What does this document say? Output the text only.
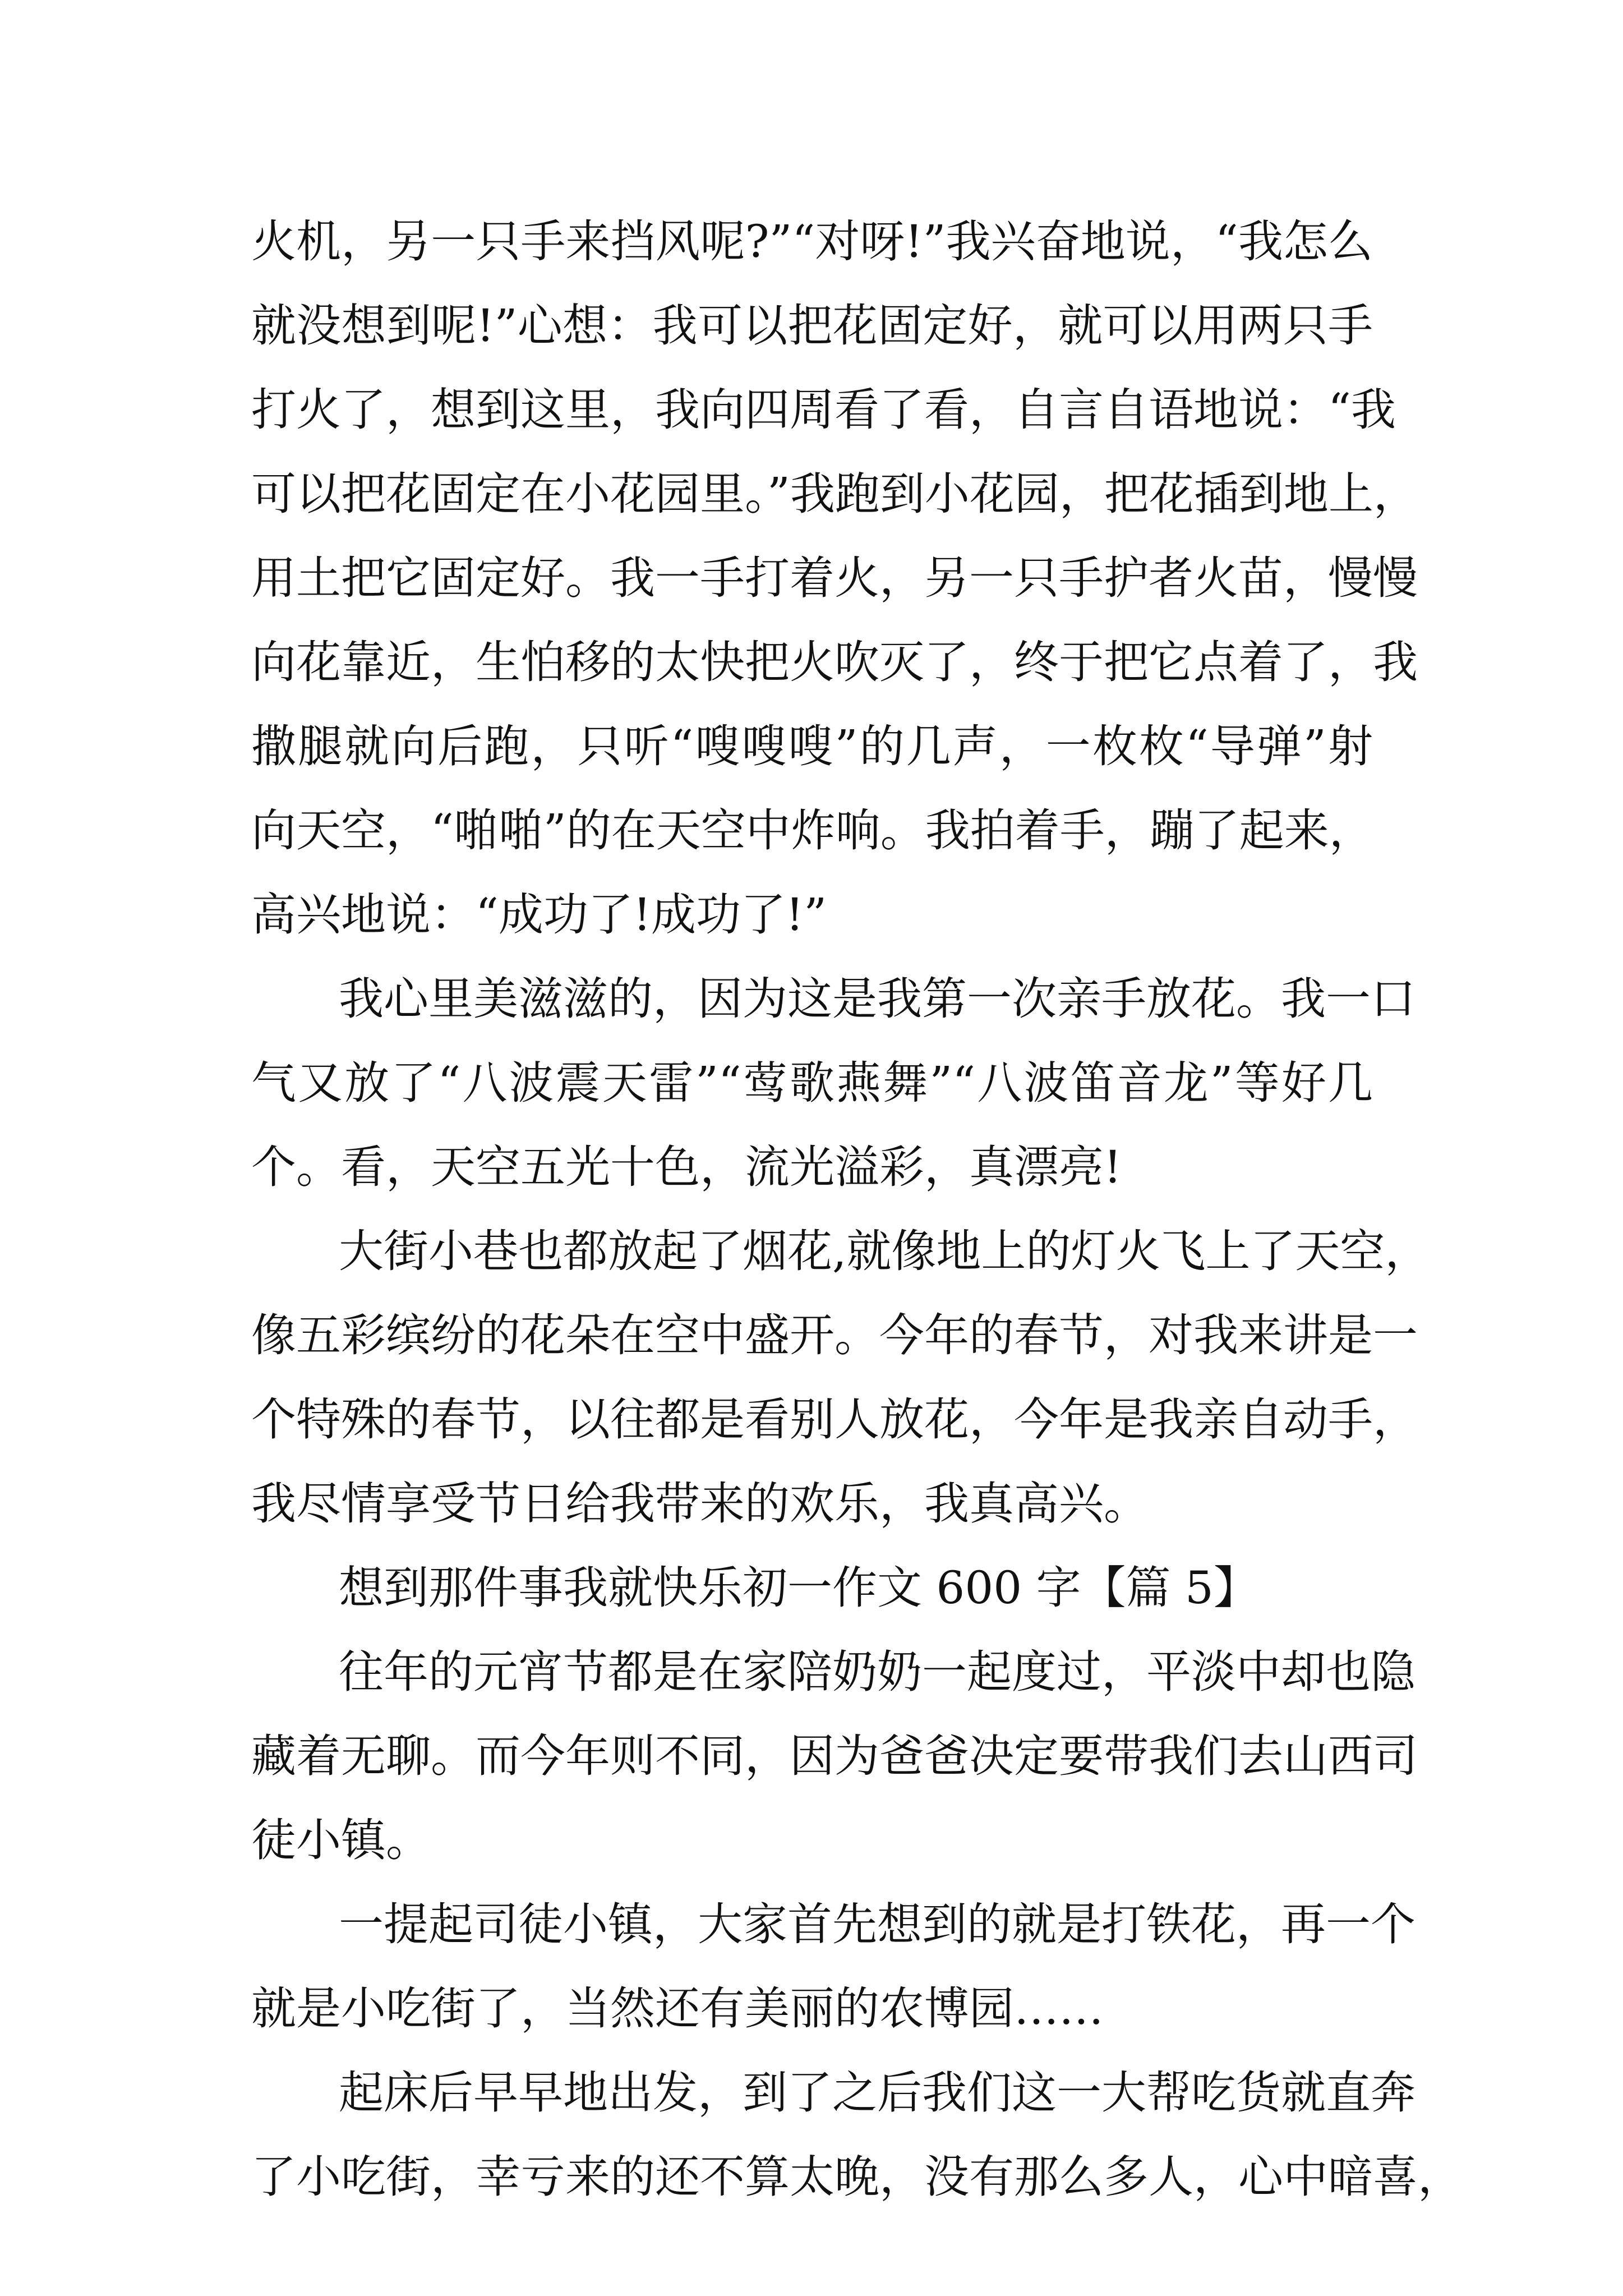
火机，另一只手来挡风呢?”“对呀!”我兴奋地说，“我怎么
就没想到呢!”心想：我可以把花固定好，就可以用两只手
打火了，想到这里，我向四周看了看，自言自语地说：“我
可以把花固定在小花园里。”我跑到小花园，把花插到地上，
用土把它固定好。我一手打着火，另一只手护者火苗，慢慢
向花靠近，生怕移的太快把火吹灭了，终于把它点着了，我
撒腿就向后跑，只听“嗖嗖嗖”的几声，一枚枚“导弹”射
向天空，“啪啪”的在天空中炸响。我拍着手，蹦了起来，
高兴地说：“成功了!成功了!”
我心里美滋滋的，因为这是我第一次亲手放花。我一口
气又放了“八波震天雷”“莺歌燕舞”“八波笛音龙”等好几
个。看，天空五光十色，流光溢彩，真漂亮!
大街小巷也都放起了烟花,就像地上的灯火飞上了天空，
像五彩缤纷的花朵在空中盛开。今年的春节，对我来讲是一
个特殊的春节，以往都是看别人放花，今年是我亲自动手，
我尽情享受节日给我带来的欢乐，我真高兴。
想到那件事我就快乐初一作文 600 字【篇 5】
往年的元宵节都是在家陪奶奶一起度过，平淡中却也隐
藏着无聊。而今年则不同，因为爸爸决定要带我们去山西司
徒小镇。
一提起司徒小镇，大家首先想到的就是打铁花，再一个
就是小吃街了，当然还有美丽的农博园……
起床后早早地出发，到了之后我们这一大帮吃货就直奔
了小吃街，幸亏来的还不算太晚，没有那么多人，心中暗喜，
